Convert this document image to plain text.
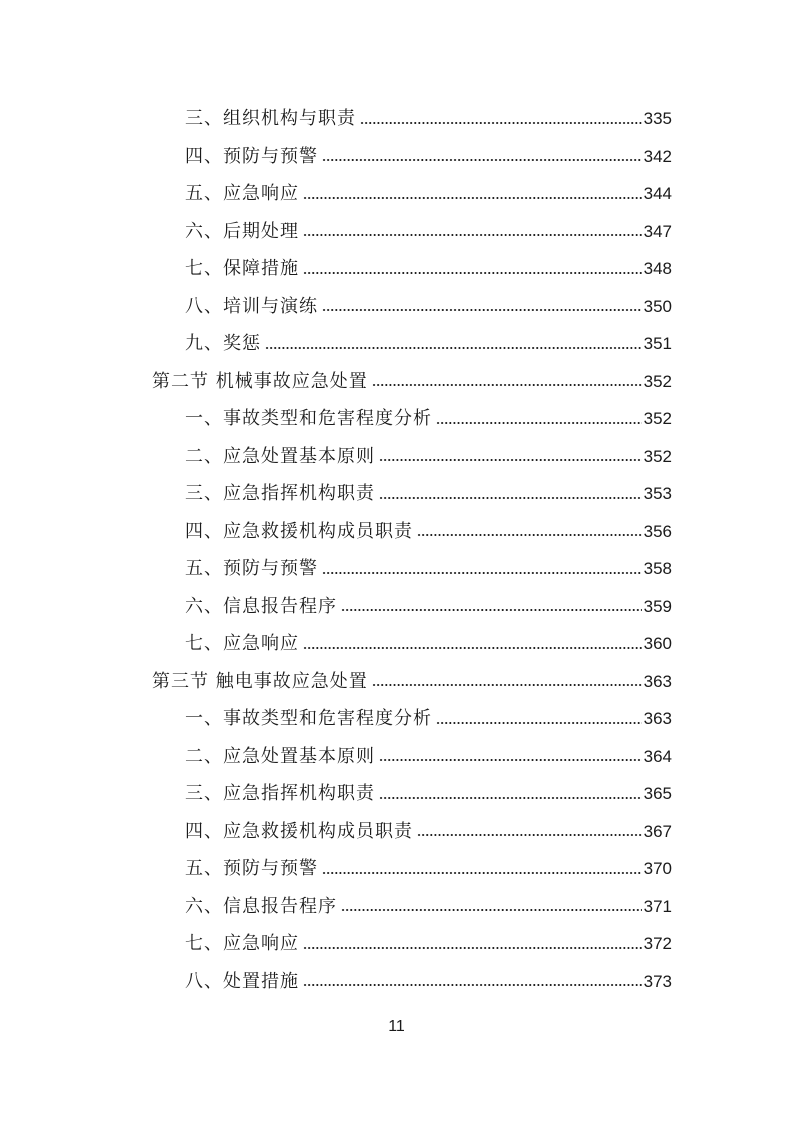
三、组织机构与职责	335
四、预防与预警	342
五、应急响应	344
六、后期处理	347
七、保障措施	348
八、培训与演练	350
九、奖惩	351
第二节 机械事故应急处置	352
一、事故类型和危害程度分析	352
二、应急处置基本原则	352
三、应急指挥机构职责	353
四、应急救援机构成员职责	356
五、预防与预警	358
六、信息报告程序	359
七、应急响应	360
第三节 触电事故应急处置	363
一、事故类型和危害程度分析	363
二、应急处置基本原则	364
三、应急指挥机构职责	365
四、应急救援机构成员职责	367
五、预防与预警	370
六、信息报告程序	371
七、应急响应	372
八、处置措施	373
11
